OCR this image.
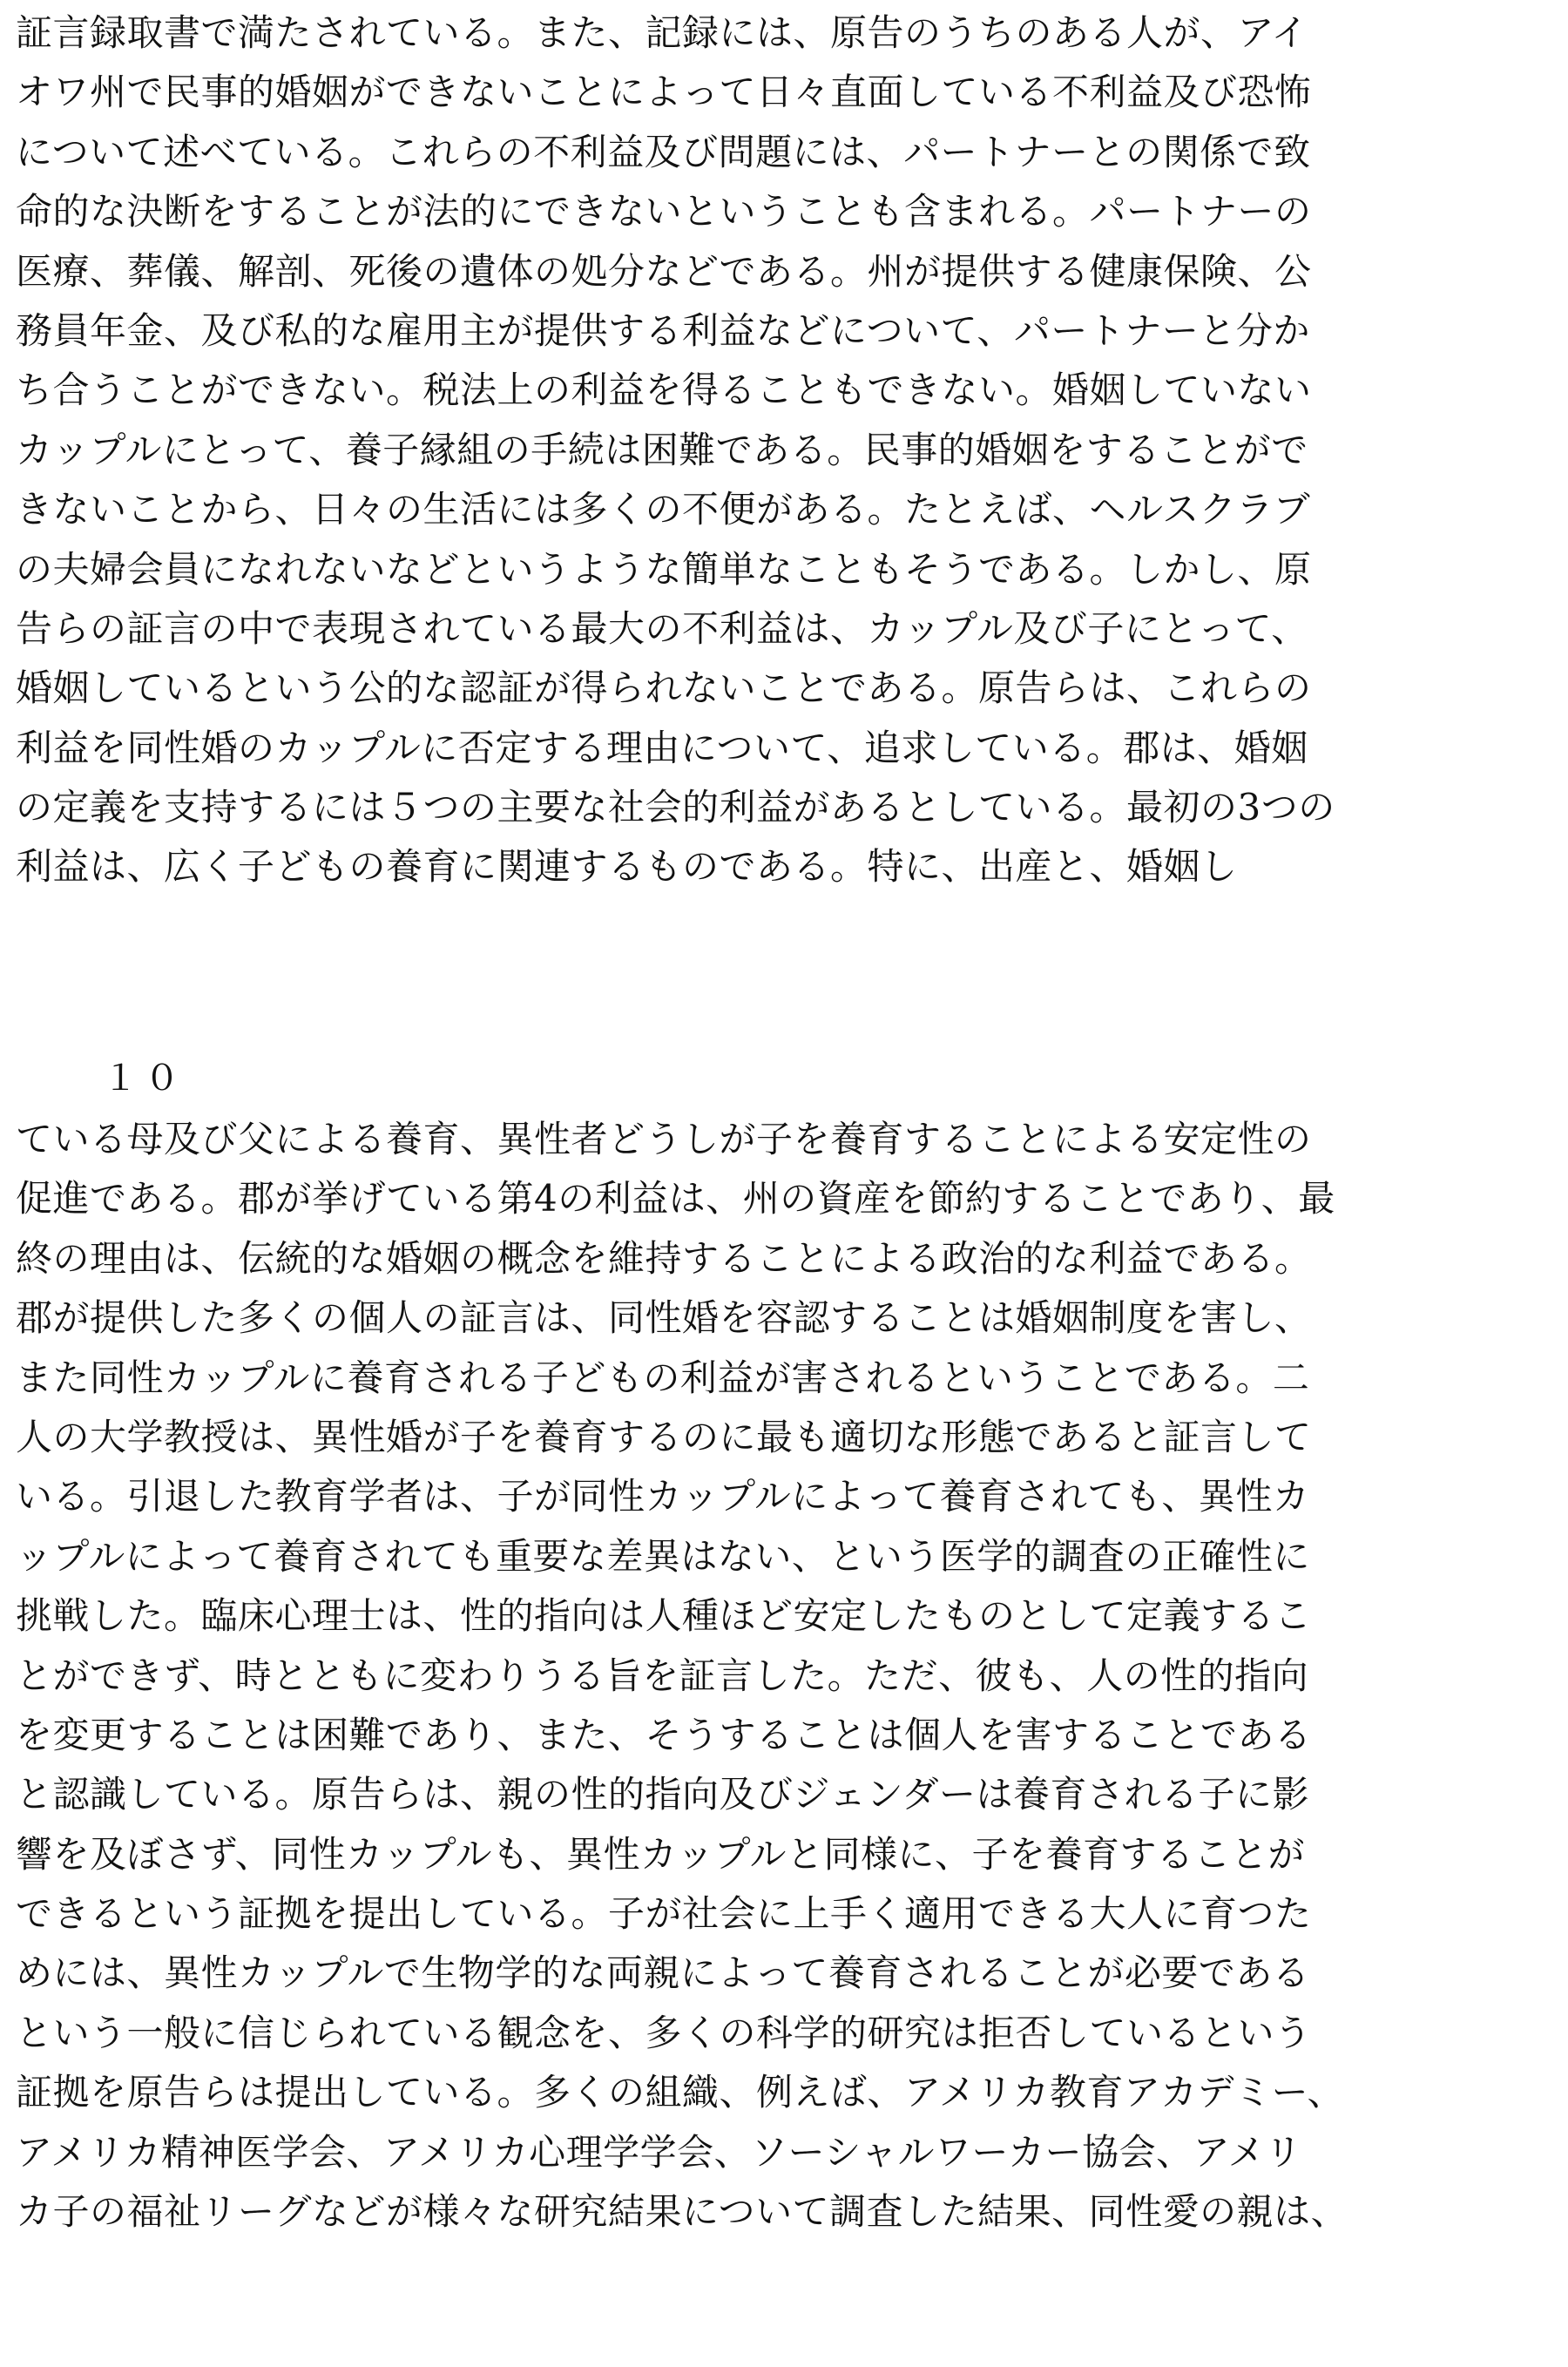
証言録取書で満たされている。また、記録には、原告のうちのある人が、アイ
オワ州で民事的婚姻ができないことによって日々直面している不利益及び恐怖
について述べている。これらの不利益及び問題には、パートナーとの関係で致
命的な決断をすることが法的にできないということも含まれる。パートナーの
医療、葬儀、解剖、死後の遺体の処分などである。州が提供する健康保険、公
務員年金、及び私的な雇用主が提供する利益などについて、パートナーと分か
ち合うことができない。税法上の利益を得ることもできない。婚姻していない
カップルにとって、養子縁組の手続は困難である。民事的婚姻をすることがで
きないことから、日々の生活には多くの不便がある。たとえば、ヘルスクラブ
の夫婦会員になれないなどというような簡単なこともそうである。しかし、原
告らの証言の中で表現されている最大の不利益は、カップル及び子にとって、
婚姻しているという公的な認証が得られないことである。原告らは、これらの
利益を同性婚のカップルに否定する理由について、追求している。郡は、婚姻
の定義を支持するには５つの主要な社会的利益があるとしている。最初の3つの
利益は、広く子どもの養育に関連するものである。特に、出産と、婚姻し
１０
ている母及び父による養育、異性者どうしが子を養育することによる安定性の
促進である。郡が挙げている第4の利益は、州の資産を節約することであり、最
終の理由は、伝統的な婚姻の概念を維持することによる政治的な利益である。
郡が提供した多くの個人の証言は、同性婚を容認することは婚姻制度を害し、
また同性カップルに養育される子どもの利益が害されるということである。二
人の大学教授は、異性婚が子を養育するのに最も適切な形態であると証言して
いる。引退した教育学者は、子が同性カップルによって養育されても、異性カ
ップルによって養育されても重要な差異はない、という医学的調査の正確性に
挑戦した。臨床心理士は、性的指向は人種ほど安定したものとして定義するこ
とができず、時とともに変わりうる旨を証言した。ただ、彼も、人の性的指向
を変更することは困難であり、また、そうすることは個人を害することである
と認識している。原告らは、親の性的指向及びジェンダーは養育される子に影
響を及ぼさず、同性カップルも、異性カップルと同様に、子を養育することが
できるという証拠を提出している。子が社会に上手く適用できる大人に育つた
めには、異性カップルで生物学的な両親によって養育されることが必要である
という一般に信じられている観念を、多くの科学的研究は拒否しているという
証拠を原告らは提出している。多くの組織、例えば、アメリカ教育アカデミー、
アメリカ精神医学会、アメリカ心理学学会、ソーシャルワーカー協会、アメリ
カ子の福祉リーグなどが様々な研究結果について調査した結果、同性愛の親は、
